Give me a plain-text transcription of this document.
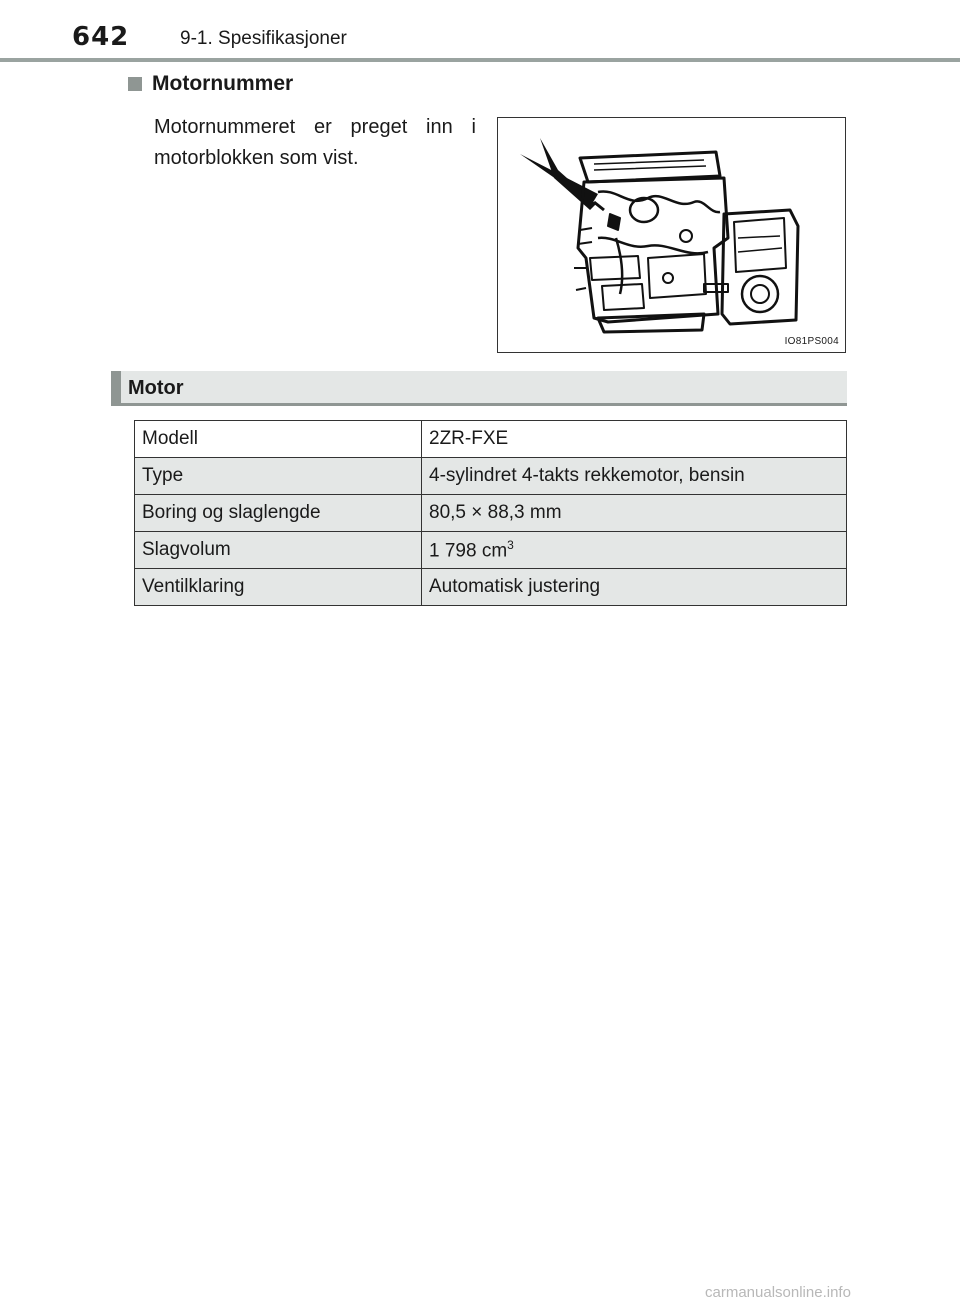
642	9-1. Spesifikasjoner
Motornummer
Motornummeret er preget inn i motorblokken som vist.
IO81PS004
Motor
Modell	2ZR-FXE
Type	4-sylindret 4-takts rekkemotor, bensin
Boring og slaglengde	80,5 × 88,3 mm
Slagvolum	1 798 $cm^3$
Ventilklaring	Automatisk justering
carmanualsonline.info
